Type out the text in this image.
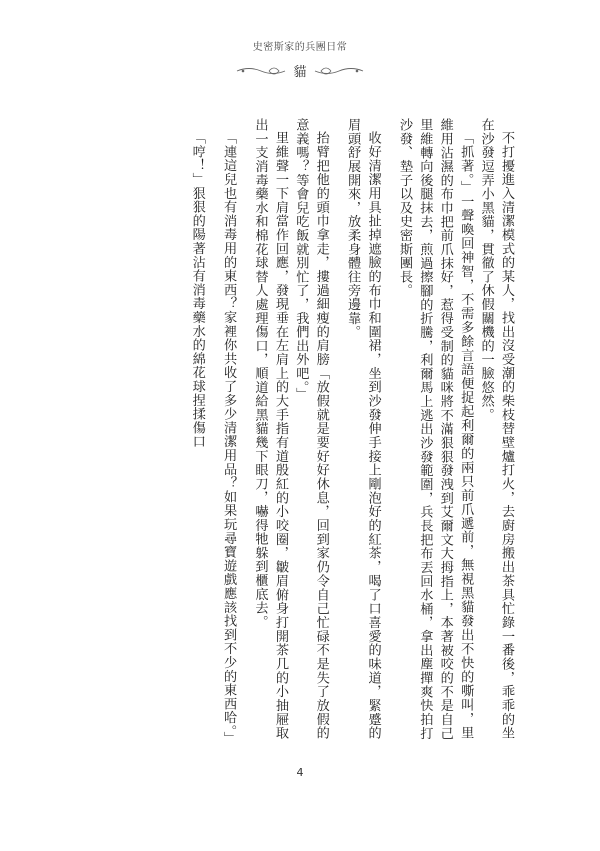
史密斯家的兵團日常
貓

不打擾進入清潔模式的某人，找出沒受潮的柴枝替壁爐打火，去廚房搬出茶具忙錄一番後，乖乖的坐在沙發逗弄小黑貓，貫徹了休假關機的一臉悠然。

「抓著。」一聲喚回神智，不需多餘言語便捉起利爾的兩只前爪遞前，無視黑貓發出不快的嘶叫，里維用沾濕的布巾把前爪抹好，惹得受制的貓咪將不滿狠狠發洩到艾爾文大拇指上，本著被咬的不是自己里維轉向後腿抹去，煎過擦腳的折騰，利爾馬上逃出沙發範圍，兵長把布丟回水桶，拿出塵撣爽快拍打沙發、墊子以及史密斯團長。

收好清潔用具扯掉遮臉的布巾和圍裙，坐到沙發伸手接上剛泡好的紅茶，喝了口喜愛的味道，緊蹙的眉頭舒展開來，放柔身體往旁邊靠。

抬臂把他的頭巾拿走，摟過細瘦的肩膀「放假就是要好好休息，回到家仍令自己忙碌不是失了放假的意義嗎？等會兒吃飯就別忙了，我們出外吧。」

里維聲一下肩當作回應，發現垂在左肩上的大手指有道殷紅的小咬圈，皺眉俯身打開茶几的小抽屜取出一支消毒藥水和棉花球替人處理傷口，順道給黑貓幾下眼刀，嚇得牠躲到櫃底去。

「連這兒也有消毒用的東西？家裡你共收了多少清潔用品？如果玩尋寶遊戲應該找到不少的東西哈。」

「哼！」狠狠的陽著沾有消毒藥水的綿花球捏揉傷口

4
